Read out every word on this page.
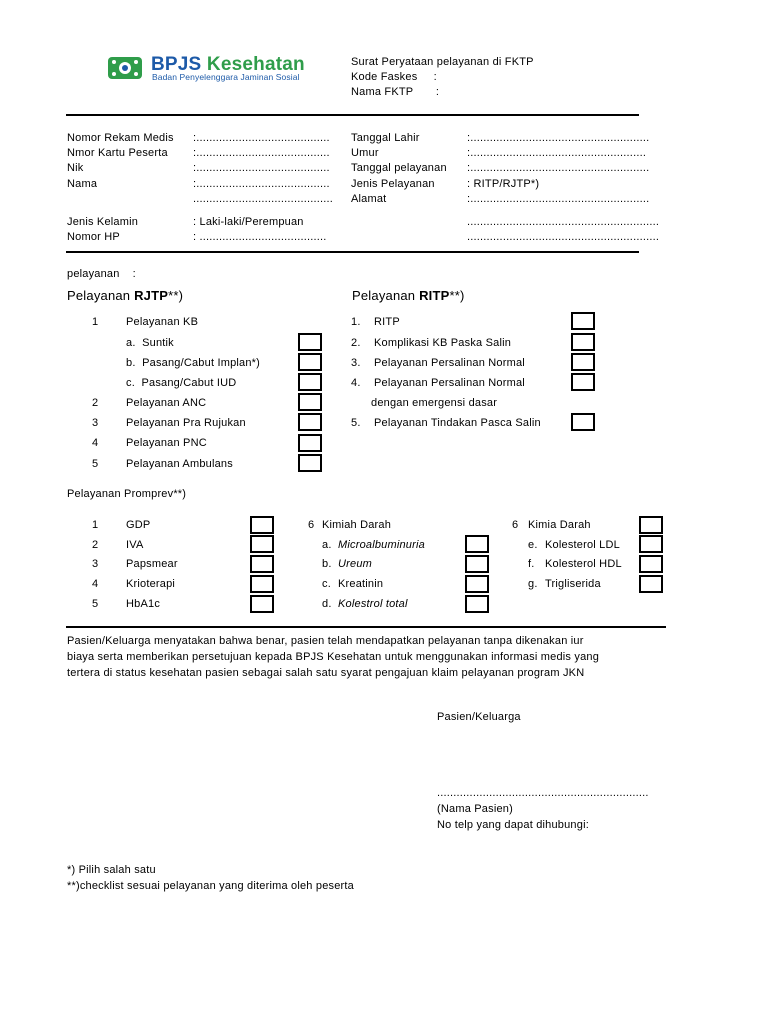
BPJS Kesehatan
Badan Penyelenggara Jaminan Sosial
Surat Peryataan pelayanan di FKTP
Kode Faskes     :
Nama FKTP       :
Nomor Rekam Medis :.........................................
Nmor Kartu Peserta :.........................................
Nik	:.........................................
Nama	:.........................................
...........................................
Tanggal Lahir	:.......................................................
Umur	:......................................................
Tanggal pelayanan :.......................................................
Jenis Pelayanan	: RITP/RJTP*)
Alamat	:.......................................................
Jenis Kelamin	: Laki-laki/Perempuan
Nomor HP	: .......................................
...........................................................
...........................................................
pelayanan    :
Pelayanan RJTP**)
1	Pelayanan KB
a.  Suntik
b.  Pasang/Cabut Implan*)
c.  Pasang/Cabut IUD
2	Pelayanan ANC
3	Pelayanan Pra Rujukan
4	Pelayanan PNC
5	Pelayanan Ambulans
Pelayanan RITP**)
1. RITP
2. Komplikasi KB Paska Salin
3. Pelayanan Persalinan Normal
4. Pelayanan Persalinan Normal
dengan emergensi dasar
5. Pelayanan Tindakan Pasca Salin
Pelayanan Promprev**)
1	GDP
2	IVA
3	Papsmear
4	Krioterapi
5	HbA1c
6 Kimiah Darah
a. Microalbuminuria
b. Ureum
c. Kreatinin
d. Kolestrol total
6 Kimia Darah
e. Kolesterol LDL
f. Kolesterol HDL
g. Trigliserida
Pasien/Keluarga menyatakan bahwa benar, pasien telah mendapatkan pelayanan tanpa dikenakan iur
biaya serta memberikan persetujuan kepada BPJS Kesehatan untuk menggunakan informasi medis yang
tertera di status kesehatan pasien sebagai salah satu syarat pengajuan klaim pelayanan program JKN
Pasien/Keluarga
.................................................................
(Nama Pasien)
No telp yang dapat dihubungi:
*) Pilih salah satu
**)checklist sesuai pelayanan yang diterima oleh peserta
